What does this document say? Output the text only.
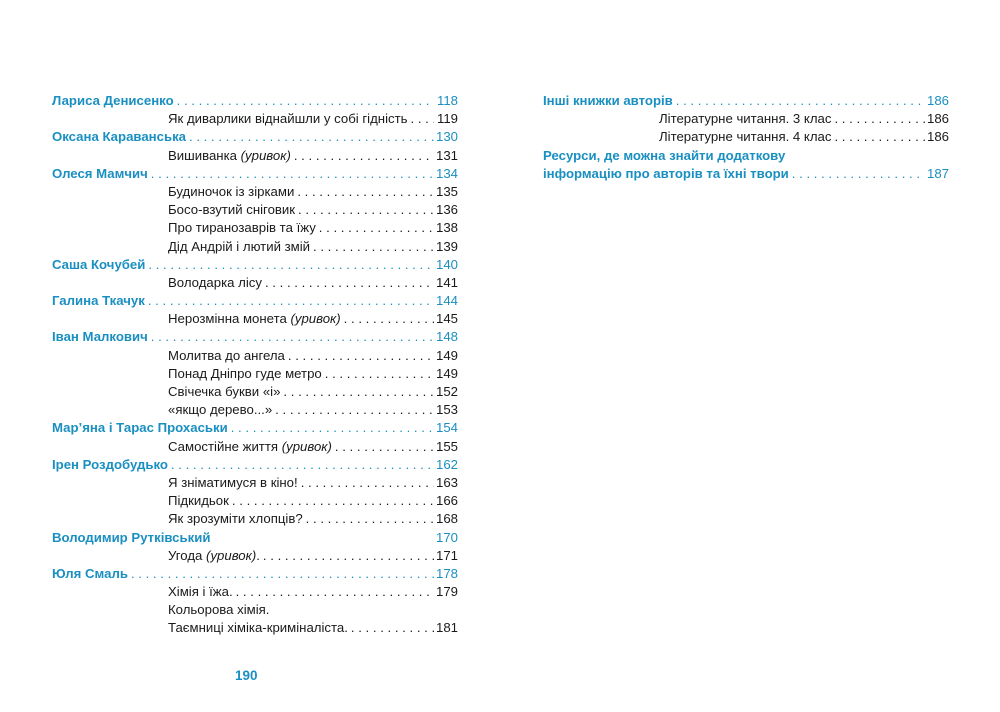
Лариса Денисенко . . .	118
Як диварлики віднайшли у собі гідність . . . 119
Оксана Караванська . . .	130
Вишиванка (уривок) . . .	131
Олеся Мамчич . . .	134
Будиночок із зірками . . .	135
Босо-взутий сніговик . . .	136
Про тиранозаврів та їжу . . .	138
Дід Андрій і лютий змій . . .	139
Саша Кочубей . . .	140
Володарка лісу . . .	141
Галина Ткачук . . .	144
Нерозмінна монета (уривок) . . .	145
Іван Малкович . . .	148
Молитва до ангела . . .	149
Понад Дніпро гуде метро . . .	149
Свічечка букви «і» . . .	152
«якщо дерево...» . . .	153
Мар’яна і Тарас Прохаськи . . .	154
Самостійне життя (уривок) . . .	155
Ірен Роздобудько . . .	162
Я зніматимуся в кіно! . . .	163
Підкидьок . . .	166
Як зрозуміти хлопців? . . .	168
Володимир Рутківський	170
Угода (уривок). . . .	171
Юля Смаль . . .	178
Хімія і їжа. . . .	179
Кольорова хімія.
Таємниці хіміка-криміналіста. . . .	181
Інші книжки авторів . . .	186
Літературне читання. 3 клас . . .	186
Літературне читання. 4 клас . . .	186
Ресурси, де можна знайти додаткову
інформацію про авторів та їхні твори . . .	187
190
